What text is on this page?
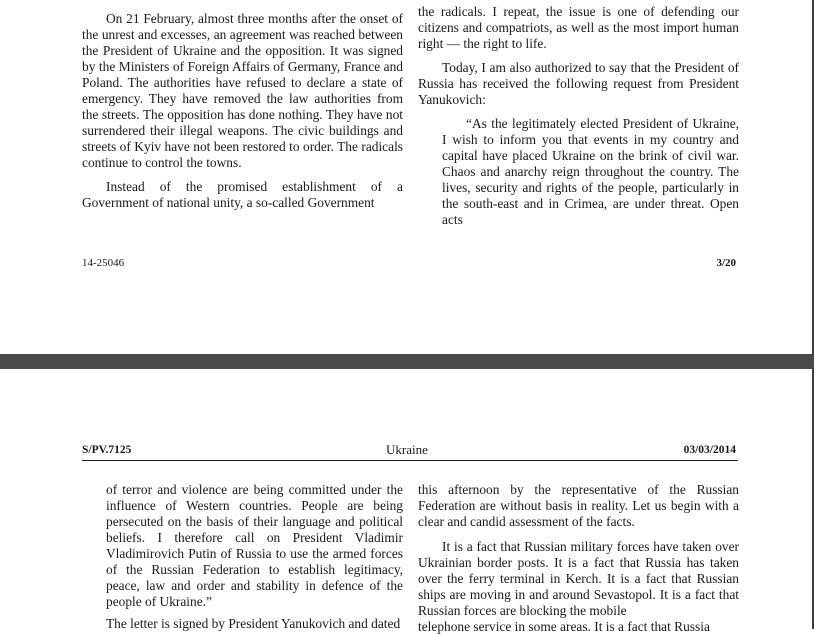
On 21 February, almost three months after the onset of the unrest and excesses, an agreement was reached between the President of Ukraine and the opposition. It was signed by the Ministers of Foreign Affairs of Germany, France and Poland. The authorities have refused to declare a state of emergency. They have removed the law authorities from the streets. The opposition has done nothing. They have not surrendered their illegal weapons. The civic buildings and streets of Kyiv have not been restored to order. The radicals continue to control the towns.

Instead of the promised establishment of a Government of national unity, a so-called Government

the radicals. I repeat, the issue is one of defending our citizens and compatriots, as well as the most import human right — the right to life.

Today, I am also authorized to say that the President of Russia has received the following request from President Yanukovich:

“As the legitimately elected President of Ukraine, I wish to inform you that events in my country and capital have placed Ukraine on the brink of civil war. Chaos and anarchy reign throughout the country. The lives, security and rights of the people, particularly in the south-east and in Crimea, are under threat. Open acts

14-25046	3/20
S/PV.7125	Ukraine	03/03/2014

of terror and violence are being committed under the influence of Western countries. People are being persecuted on the basis of their language and political beliefs. I therefore call on President Vladimir Vladimirovich Putin of Russia to use the armed forces of the Russian Federation to establish legitimacy, peace, law and order and stability in defence of the people of Ukraine.”

The letter is signed by President Yanukovich and dated

this afternoon by the representative of the Russian Federation are without basis in reality. Let us begin with a clear and candid assessment of the facts.

It is a fact that Russian military forces have taken over Ukrainian border posts. It is a fact that Russia has taken over the ferry terminal in Kerch. It is a fact that Russian ships are moving in and around Sevastopol. It is a fact that Russian forces are blocking the mobile

telephone service in some areas. It is a fact that Russia
